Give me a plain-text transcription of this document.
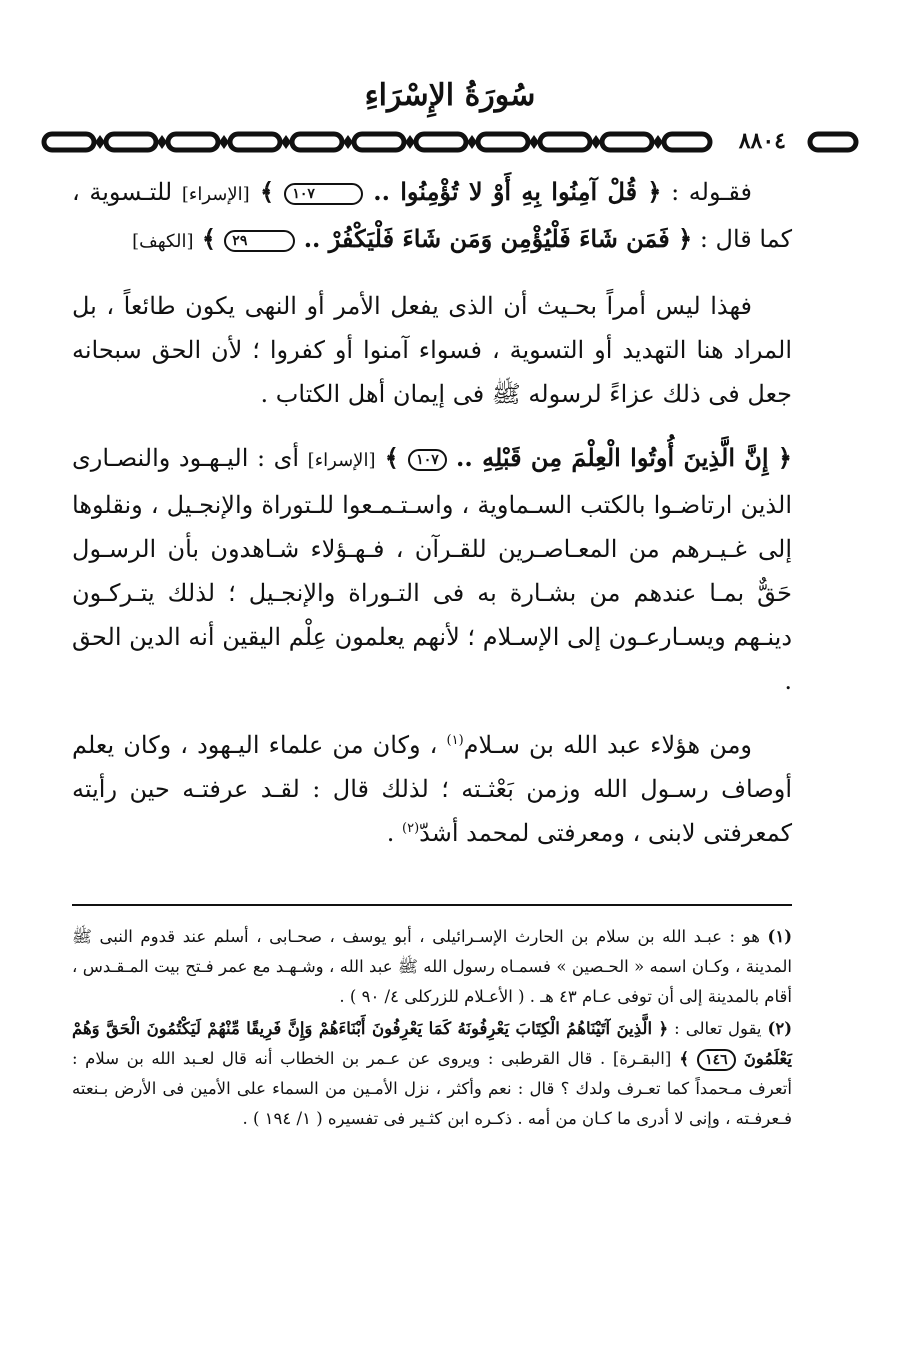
سُورَةُ الإِسْرَاءِ
٨٨٠٤

فقـوله : ﴿ قُلْ آمِنُوا بِهِ أَوْ لا تُؤْمِنُوا .. ١٠٧ ﴾ [الإسراء] للتـسوية ، كما قال : ﴿ فَمَن شَاءَ فَلْيُؤْمِن وَمَن شَاءَ فَلْيَكْفُرْ .. ٢٩ ﴾ [الكهف]

فهذا ليس أمراً بحـيث أن الذى يفعل الأمر أو النهى يكون طائعاً ، بل المراد هنا التهديد أو التسوية ، فسواء آمنوا أو كفروا ؛ لأن الحق سبحانه جعل فى ذلك عزاءً لرسوله ﷺ فى إيمان أهل الكتاب .

﴿ إِنَّ الَّذِينَ أُوتُوا الْعِلْمَ مِن قَبْلِهِ .. ١٠٧ ﴾ [الإسراء] أى : اليـهـود والنصـارى الذين ارتاضـوا بالكتب السـماوية ، واسـتـمـعوا للـتوراة والإنجـيل ، ونقلوها إلى غـيـرهم من المعـاصـرين للقـرآن ، فـهـؤلاء شـاهدون بأن الرسـول حَقٌّ بمـا عندهم من بشـارة به فى التـوراة والإنجـيل ؛ لذلك يتـركـون دينـهم ويسـارعـون إلى الإسـلام ؛ لأنهم يعلمون عِلْم اليقين أنه الدين الحق .

ومن هؤلاء عبد الله بن سـلام$^{(١)}$ ، وكان من علماء اليـهود ، وكان يعلم أوصاف رسـول الله وزمن بَعْثـته ؛ لذلك قال : لقـد عرفتـه حين رأيته كمعرفتى لابنى ، ومعرفتى لمحمد أشدّ$^{(٢)}$ .

(١) هو : عبـد الله بن سلام بن الحارث الإسـرائيلى ، أبو يوسف ، صحـابى ، أسلم عند قدوم النبى ﷺ المدينة ، وكـان اسمه « الحـصين » فسمـاه رسول الله ﷺ عبد الله ، وشـهـد مع عمر فـتح بيت المـقـدس ، أقام بالمدينة إلى أن توفى عـام ٤٣ هـ . ( الأعـلام للزركلى ٤/ ٩٠ ) .

(٢) يقول تعالى : ﴿ الَّذِينَ آتَيْنَاهُمُ الْكِتَابَ يَعْرِفُونَهُ كَمَا يَعْرِفُونَ أَبْنَاءَهُمْ وَإِنَّ فَرِيقًا مِّنْهُمْ لَيَكْتُمُونَ الْحَقَّ وَهُمْ يَعْلَمُونَ ١٤٦ ﴾ [البقـرة] . قال القرطبى : ويروى عن عـمر بن الخطاب أنه قال لعـبد الله بن سلام : أتعرف مـحمداً كما تعـرف ولدك ؟ قال : نعم وأكثر ، نزل الأمـين من السماء على الأمين فى الأرض بـنعته فـعرفـته ، وإنى لا أدرى ما كـان من أمه . ذكـره ابن كثـير فى تفسيره ( ١/ ١٩٤ ) .
